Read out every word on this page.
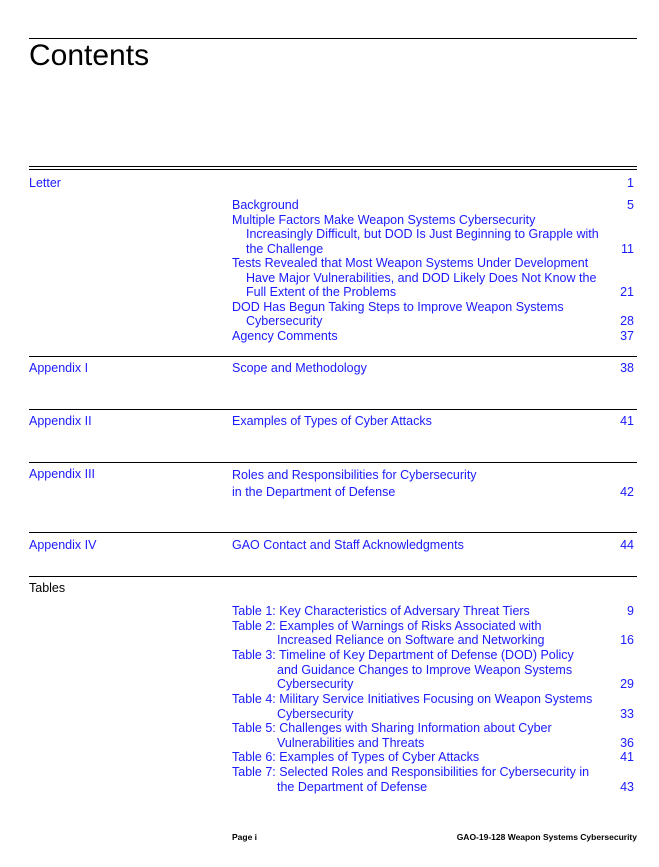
Contents
Letter	1
Background	5
Multiple Factors Make Weapon Systems Cybersecurity
Increasingly Difficult, but DOD Is Just Beginning to Grapple with
the Challenge	11
Tests Revealed that Most Weapon Systems Under Development
Have Major Vulnerabilities, and DOD Likely Does Not Know the
Full Extent of the Problems	21
DOD Has Begun Taking Steps to Improve Weapon Systems
Cybersecurity	28
Agency Comments	37
Appendix I	Scope and Methodology	38
Appendix II	Examples of Types of Cyber Attacks	41
Appendix III	Roles and Responsibilities for Cybersecurity
in the Department of Defense	42
Appendix IV	GAO Contact and Staff Acknowledgments	44
Tables
Table 1: Key Characteristics of Adversary Threat Tiers	9
Table 2: Examples of Warnings of Risks Associated with
Increased Reliance on Software and Networking	16
Table 3: Timeline of Key Department of Defense (DOD) Policy
and Guidance Changes to Improve Weapon Systems
Cybersecurity	29
Table 4: Military Service Initiatives Focusing on Weapon Systems
Cybersecurity	33
Table 5: Challenges with Sharing Information about Cyber
Vulnerabilities and Threats	36
Table 6: Examples of Types of Cyber Attacks	41
Table 7: Selected Roles and Responsibilities for Cybersecurity in
the Department of Defense	43
Page i	GAO-19-128 Weapon Systems Cybersecurity
